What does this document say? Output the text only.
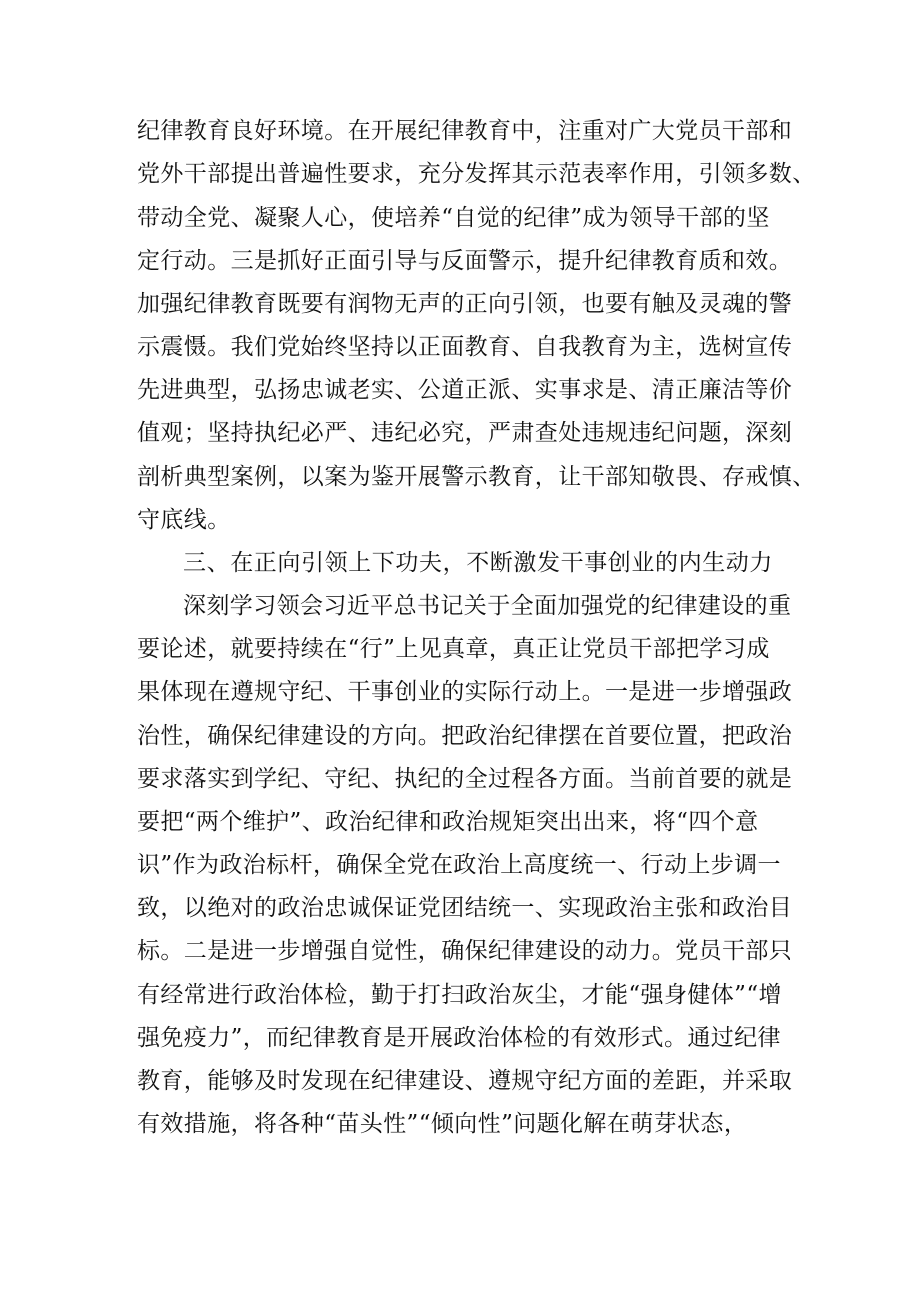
纪律教育良好环境。在开展纪律教育中，注重对广大党员干部和
党外干部提出普遍性要求，充分发挥其示范表率作用，引领多数、
带动全党、凝聚人心，使培养“自觉的纪律”成为领导干部的坚
定行动。三是抓好正面引导与反面警示，提升纪律教育质和效。
加强纪律教育既要有润物无声的正向引领，也要有触及灵魂的警
示震慑。我们党始终坚持以正面教育、自我教育为主，选树宣传
先进典型，弘扬忠诚老实、公道正派、实事求是、清正廉洁等价
值观；坚持执纪必严、违纪必究，严肃查处违规违纪问题，深刻
剖析典型案例，以案为鉴开展警示教育，让干部知敬畏、存戒慎、
守底线。
三、在正向引领上下功夫，不断激发干事创业的内生动力
深刻学习领会习近平总书记关于全面加强党的纪律建设的重
要论述，就要持续在“行”上见真章，真正让党员干部把学习成
果体现在遵规守纪、干事创业的实际行动上。一是进一步增强政
治性，确保纪律建设的方向。把政治纪律摆在首要位置，把政治
要求落实到学纪、守纪、执纪的全过程各方面。当前首要的就是
要把“两个维护”、政治纪律和政治规矩突出出来，将“四个意
识”作为政治标杆，确保全党在政治上高度统一、行动上步调一
致，以绝对的政治忠诚保证党团结统一、实现政治主张和政治目
标。二是进一步增强自觉性，确保纪律建设的动力。党员干部只
有经常进行政治体检，勤于打扫政治灰尘，才能“强身健体”“增
强免疫力”，而纪律教育是开展政治体检的有效形式。通过纪律
教育，能够及时发现在纪律建设、遵规守纪方面的差距，并采取
有效措施，将各种“苗头性”“倾向性”问题化解在萌芽状态，
